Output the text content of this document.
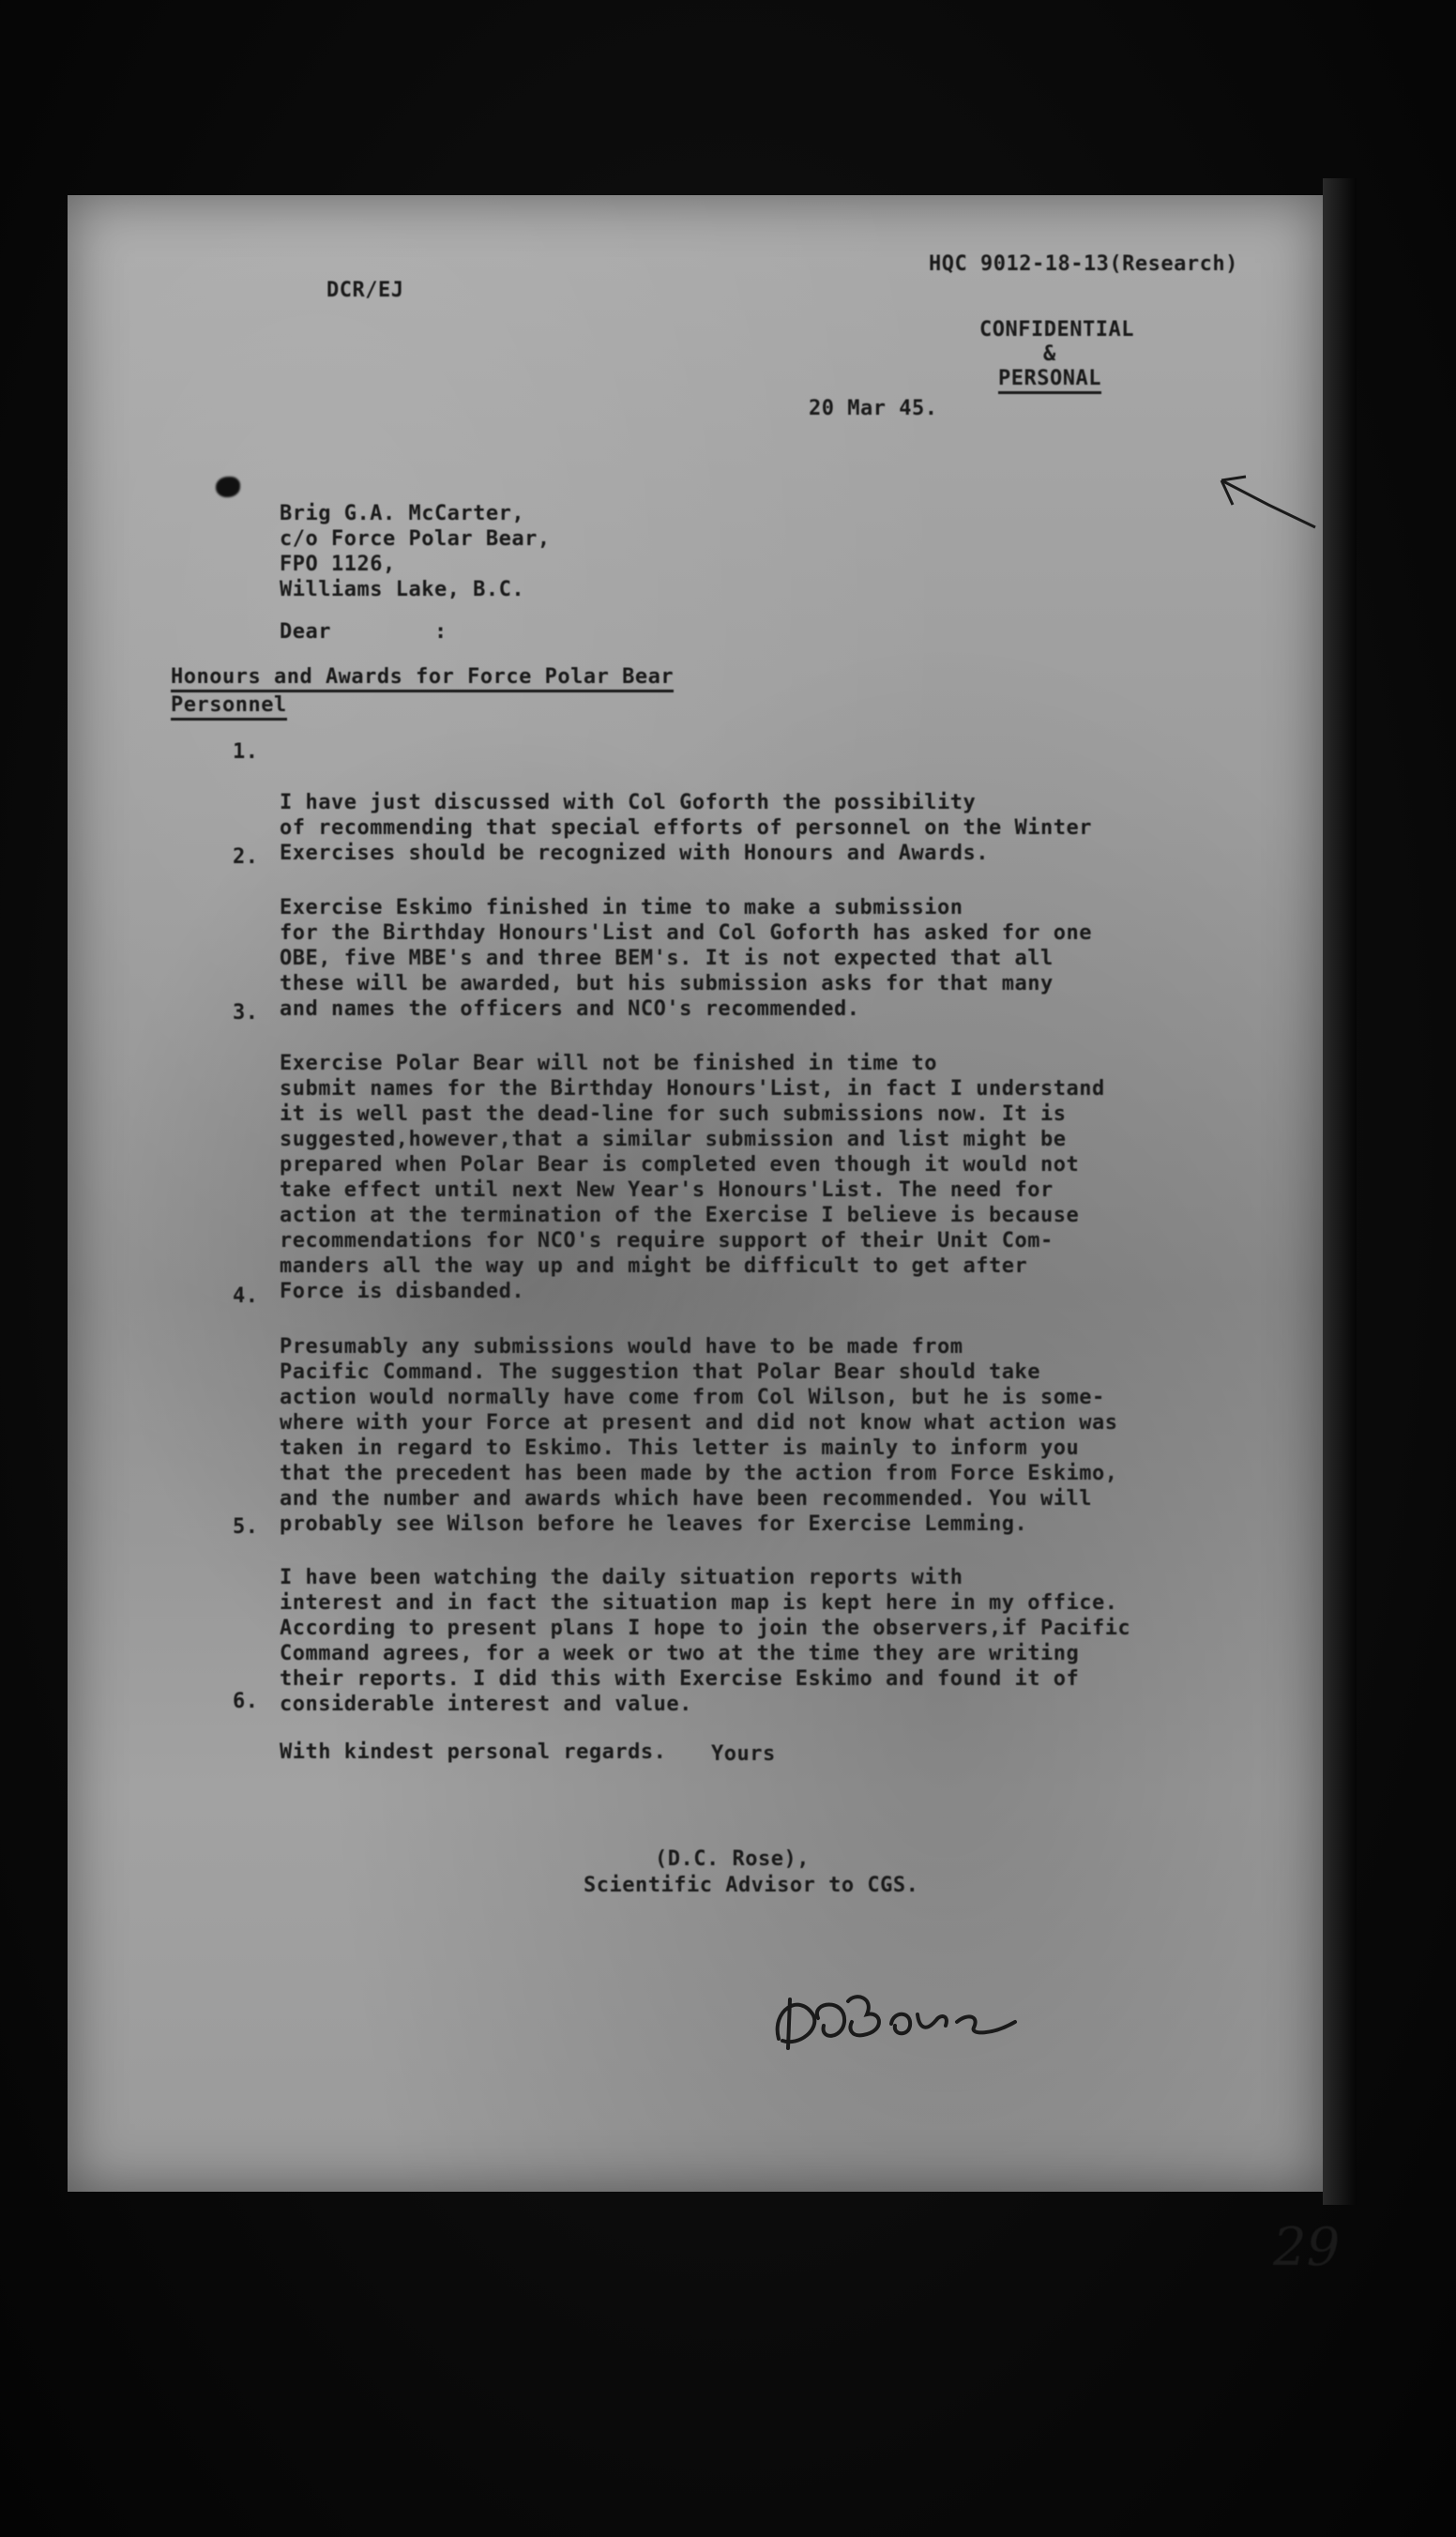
DCR/EJ
HQC 9012-18-13(Research)
CONFIDENTIAL
&
PERSONAL
20 Mar 45.
Brig G.A. McCarter,
c/o Force Polar Bear,
FPO 1126,
Williams Lake, B.C.
Dear        :
Honours and Awards for Force Polar Bear
Personnel

1.

I have just discussed with Col Goforth the possibility
of recommending that special efforts of personnel on the Winter
Exercises should be recognized with Honours and Awards.

2.

Exercise Eskimo finished in time to make a submission
for the Birthday Honours'List and Col Goforth has asked for one
OBE, five MBE's and three BEM's. It is not expected that all
these will be awarded, but his submission asks for that many
and names the officers and NCO's recommended.

3.

Exercise Polar Bear will not be finished in time to
submit names for the Birthday Honours'List, in fact I understand
it is well past the dead-line for such submissions now. It is
suggested,however,that a similar submission and list might be
prepared when Polar Bear is completed even though it would not
take effect until next New Year's Honours'List. The need for
action at the termination of the Exercise I believe is because
recommendations for NCO's require support of their Unit Com-
manders all the way up and might be difficult to get after
Force is disbanded.

4.

Presumably any submissions would have to be made from
Pacific Command. The suggestion that Polar Bear should take
action would normally have come from Col Wilson, but he is some-
where with your Force at present and did not know what action was
taken in regard to Eskimo. This letter is mainly to inform you
that the precedent has been made by the action from Force Eskimo,
and the number and awards which have been recommended. You will
probably see Wilson before he leaves for Exercise Lemming.

5.

I have been watching the daily situation reports with
interest and in fact the situation map is kept here in my office.
According to present plans I hope to join the observers,if Pacific
Command agrees, for a week or two at the time they are writing
their reports. I did this with Exercise Eskimo and found it of
considerable interest and value.

6.

With kindest personal regards.	Yours
(D.C. Rose),
Scientific Advisor to CGS.
29
